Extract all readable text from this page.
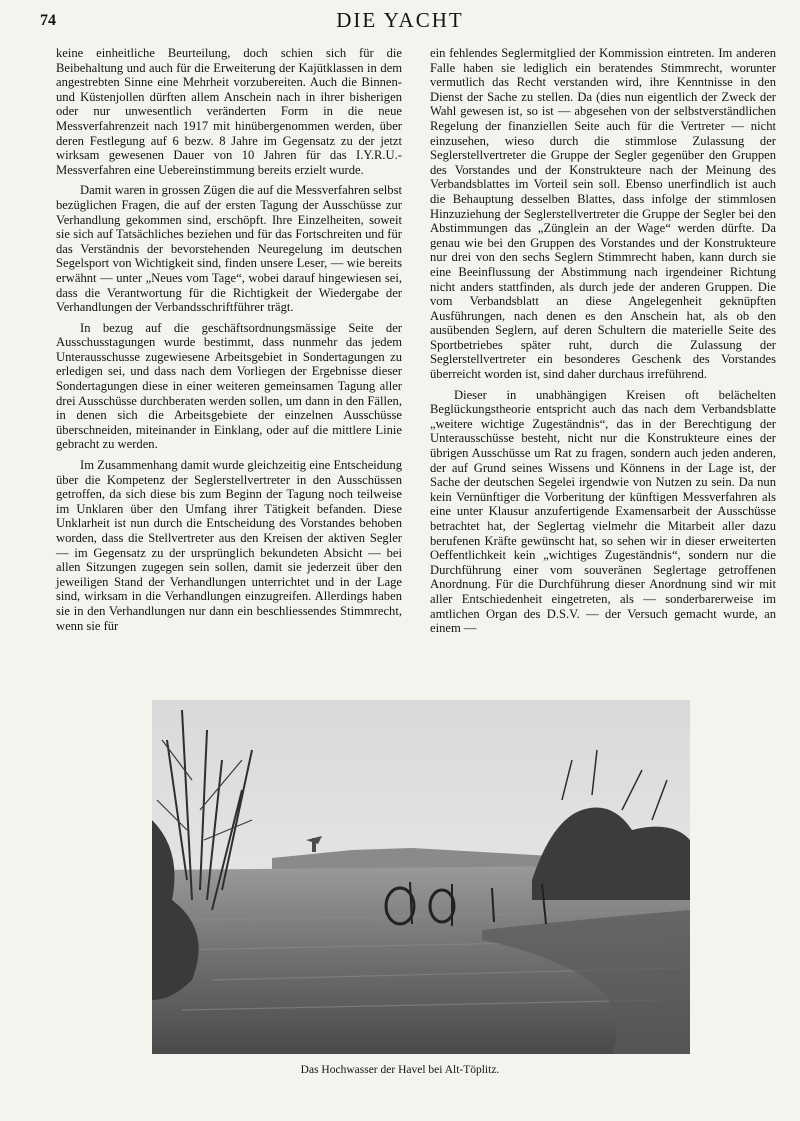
74	DIE YACHT

keine einheitliche Beurteilung, doch schien sich für die Beibehaltung und auch für die Erweiterung der Kajütklassen in dem angestrebten Sinne eine Mehrheit vorzubereiten. Auch die Binnen- und Küstenjollen dürften allem Anschein nach in ihrer bisherigen oder nur unwesentlich veränderten Form in die neue Messverfahrenzeit nach 1917 mit hinübergenommen werden, über deren Festlegung auf 6 bezw. 8 Jahre im Gegensatz zu der jetzt wirksam gewesenen Dauer von 10 Jahren für das I.Y.R.U.-Messverfahren eine Uebereinstimmung bereits erzielt wurde.

Damit waren in grossen Zügen die auf die Messverfahren selbst bezüglichen Fragen, die auf der ersten Tagung der Ausschüsse zur Verhandlung gekommen sind, erschöpft. Ihre Einzelheiten, soweit sie sich auf Tatsächliches beziehen und für das Fortschreiten und für das Verständnis der bevorstehenden Neuregelung im deutschen Segelsport von Wichtigkeit sind, finden unsere Leser, — wie bereits erwähnt — unter „Neues vom Tage“, wobei darauf hingewiesen sei, dass die Verantwortung für die Richtigkeit der Wiedergabe der Verhandlungen der Verbandsschriftführer trägt.

In bezug auf die geschäftsordnungsmässige Seite der Ausschusstagungen wurde bestimmt, dass nunmehr das jedem Unterausschusse zugewiesene Arbeitsgebiet in Sondertagungen zu erledigen sei, und dass nach dem Vorliegen der Ergebnisse dieser Sondertagungen diese in einer weiteren gemeinsamen Tagung aller drei Ausschüsse durchberaten werden sollen, um dann in den Fällen, in denen sich die Arbeitsgebiete der einzelnen Ausschüsse überschneiden, miteinander in Einklang, oder auf die mittlere Linie gebracht zu werden.

Im Zusammenhang damit wurde gleichzeitig eine Entscheidung über die Kompetenz der Seglerstellvertreter in den Ausschüssen getroffen, da sich diese bis zum Beginn der Tagung noch teilweise im Unklaren über den Umfang ihrer Tätigkeit befanden. Diese Unklarheit ist nun durch die Entscheidung des Vorstandes behoben worden, dass die Stellvertreter aus den Kreisen der aktiven Segler — im Gegensatz zu der ursprünglich bekundeten Absicht — bei allen Sitzungen zugegen sein sollen, damit sie jederzeit über den jeweiligen Stand der Verhandlungen unterrichtet und in der Lage sind, wirksam in die Verhandlungen einzugreifen. Allerdings haben sie in den Verhandlungen nur dann ein beschliessendes Stimmrecht, wenn sie für

ein fehlendes Seglermitglied der Kommission eintreten. Im anderen Falle haben sie lediglich ein beratendes Stimmrecht, worunter vermutlich das Recht verstanden wird, ihre Kenntnisse in den Dienst der Sache zu stellen. Da (dies nun eigentlich der Zweck der Wahl gewesen ist, so ist — abgesehen von der selbstverständlichen Regelung der finanziellen Seite auch für die Vertreter — nicht einzusehen, wieso durch die stimmlose Zulassung der Seglerstellvertreter die Gruppe der Segler gegenüber den Gruppen des Vorstandes und der Konstrukteure nach der Meinung des Verbandsblattes im Vorteil sein soll. Ebenso unerfindlich ist auch die Behauptung desselben Blattes, dass infolge der stimmlosen Hinzuziehung der Seglerstellvertreter die Gruppe der Segler bei den Abstimmungen das „Zünglein an der Wage“ werden dürfte. Da genau wie bei den Gruppen des Vorstandes und der Konstrukteure nur drei von den sechs Seglern Stimmrecht haben, kann durch sie eine Beeinflussung der Abstimmung nach irgendeiner Richtung nicht anders stattfinden, als durch jede der anderen Gruppen. Die vom Verbandsblatt an diese Angelegenheit geknüpften Ausführungen, nach denen es den Anschein hat, als ob den ausübenden Seglern, auf deren Schultern die materielle Seite des Sportbetriebes später ruht, durch die Zulassung der Seglerstellvertreter ein besonderes Geschenk des Vorstandes überreicht worden ist, sind daher durchaus irreführend.

Dieser in unabhängigen Kreisen oft belächelten Beglückungstheorie entspricht auch das nach dem Verbandsblatte „weitere wichtige Zugeständnis“, das in der Berechtigung der Unterausschüsse besteht, nicht nur die Konstrukteure eines der übrigen Ausschüsse um Rat zu fragen, sondern auch jeden anderen, der auf Grund seines Wissens und Könnens in der Lage ist, der Sache der deutschen Segelei irgendwie von Nutzen zu sein. Da nun kein Vernünftiger die Vorberitung der künftigen Messverfahren als eine unter Klausur anzufertigende Examensarbeit der Ausschüsse betrachtet hat, der Seglertag vielmehr die Mitarbeit aller dazu berufenen Kräfte gewünscht hat, so sehen wir in dieser erweiterten Oeffentlichkeit kein „wichtiges Zugeständnis“, sondern nur die Durchführung einer vom souveränen Seglertage getroffenen Anordnung. Für die Durchführung dieser Anordnung sind wir mit aller Entschiedenheit eingetreten, als — sonderbarerweise im amtlichen Organ des D.S.V. — der Versuch gemacht wurde, an einem —

Das Hochwasser der Havel bei Alt-Töplitz.
